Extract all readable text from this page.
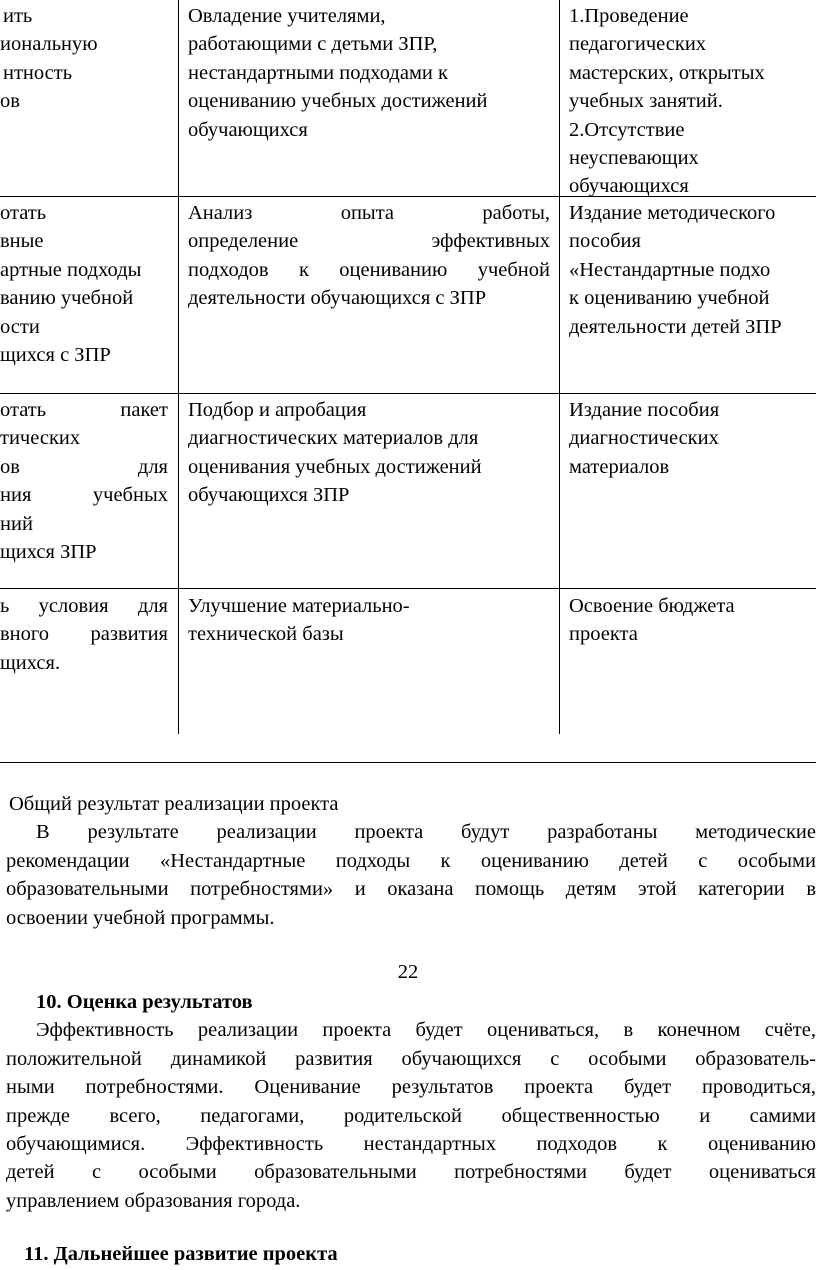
ить
иональную
нтность
ов
Овладение учителями,
работающими с детьми ЗПР,
нестандартными подходами к
оцениванию учебных достижений
обучающихся
1.Проведение
педагогических
мастерских, открытых
учебных занятий.
2.Отсутствие
неуспевающих
обучающихся
отать
вные
артные подходы
ванию учебной
ости
щихся с ЗПР
Анализ опыта работы,
определение эффективных
подходов к оцениванию учебной
деятельности обучающихся с ЗПР
Издание методического
пособия
«Нестандартные подхо
к оцениванию учебной
деятельности детей ЗПР
отать пакет
тических
ов для
ния учебных
ний
щихся ЗПР
Подбор и апробация
диагностических материалов для
оценивания учебных достижений
обучающихся ЗПР
Издание пособия
диагностических
материалов
ь условия для
вного развития
щихся.
Улучшение материально-
технической базы
Освоение бюджета
проекта
Общий результат реализации проекта
В результате реализации проекта будут разработаны методические
рекомендации «Нестандартные подходы к оцениванию детей с особыми
образовательными потребностями» и оказана помощь детям этой категории в
освоении учебной программы.
22
10. Оценка результатов
Эффективность реализации проекта будет оцениваться, в конечном счёте,
положительной динамикой развития обучающихся с особыми образователь-
ными потребностями. Оценивание результатов проекта будет проводиться,
прежде всего, педагогами, родительской общественностью и самими
обучающимися. Эффективность нестандартных подходов к оцениванию
детей с особыми образовательными потребностями будет оцениваться
управлением образования города.
11. Дальнейшее развитие проекта
